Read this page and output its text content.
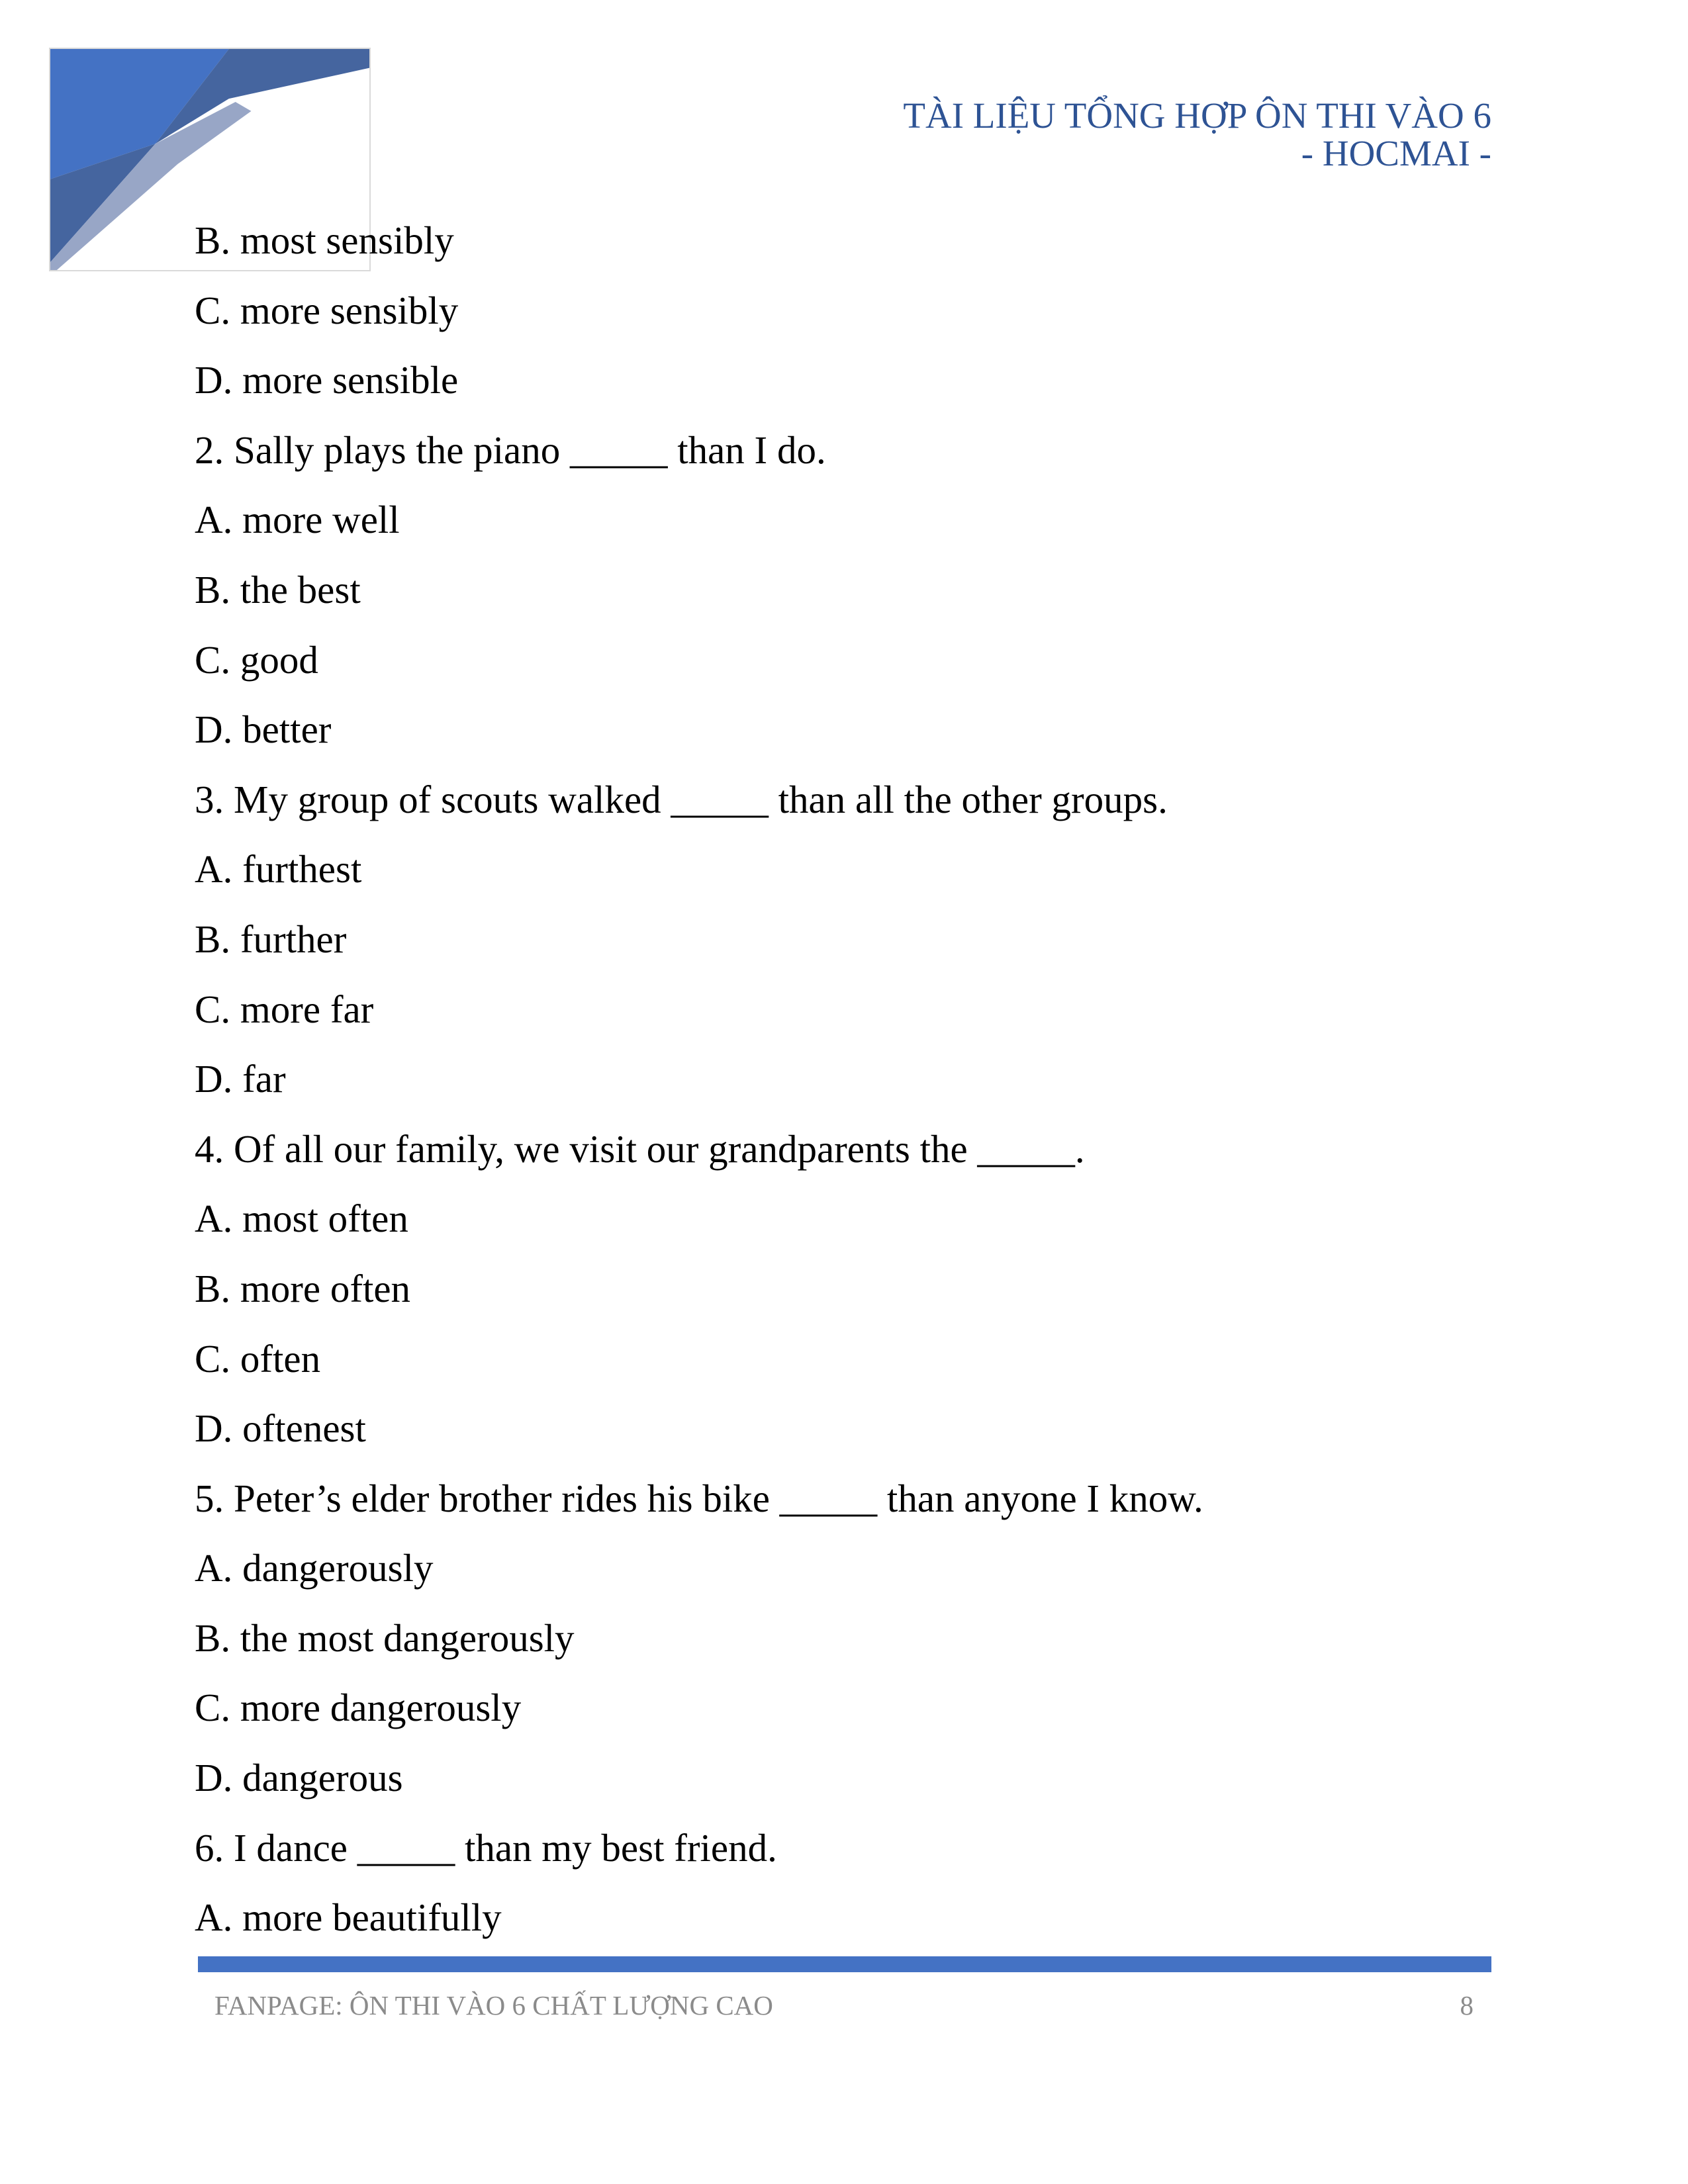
TÀI LIỆU TỔNG HỢP ÔN THI VÀO 6
- HOCMAI -
B. most sensibly
C. more sensibly
D. more sensible
2. Sally plays the piano _____ than I do.
A. more well
B. the best
C. good
D. better
3. My group of scouts walked _____ than all the other groups.
A. furthest
B. further
C. more far
D. far
4. Of all our family, we visit our grandparents the _____.
A. most often
B. more often
C. often
D. oftenest
5. Peter’s elder brother rides his bike _____ than anyone I know.
A. dangerously
B. the most dangerously
C. more dangerously
D. dangerous
6. I dance _____ than my best friend.
A. more beautifully
FANPAGE: ÔN THI VÀO 6 CHẤT LƯỢNG CAO	8
